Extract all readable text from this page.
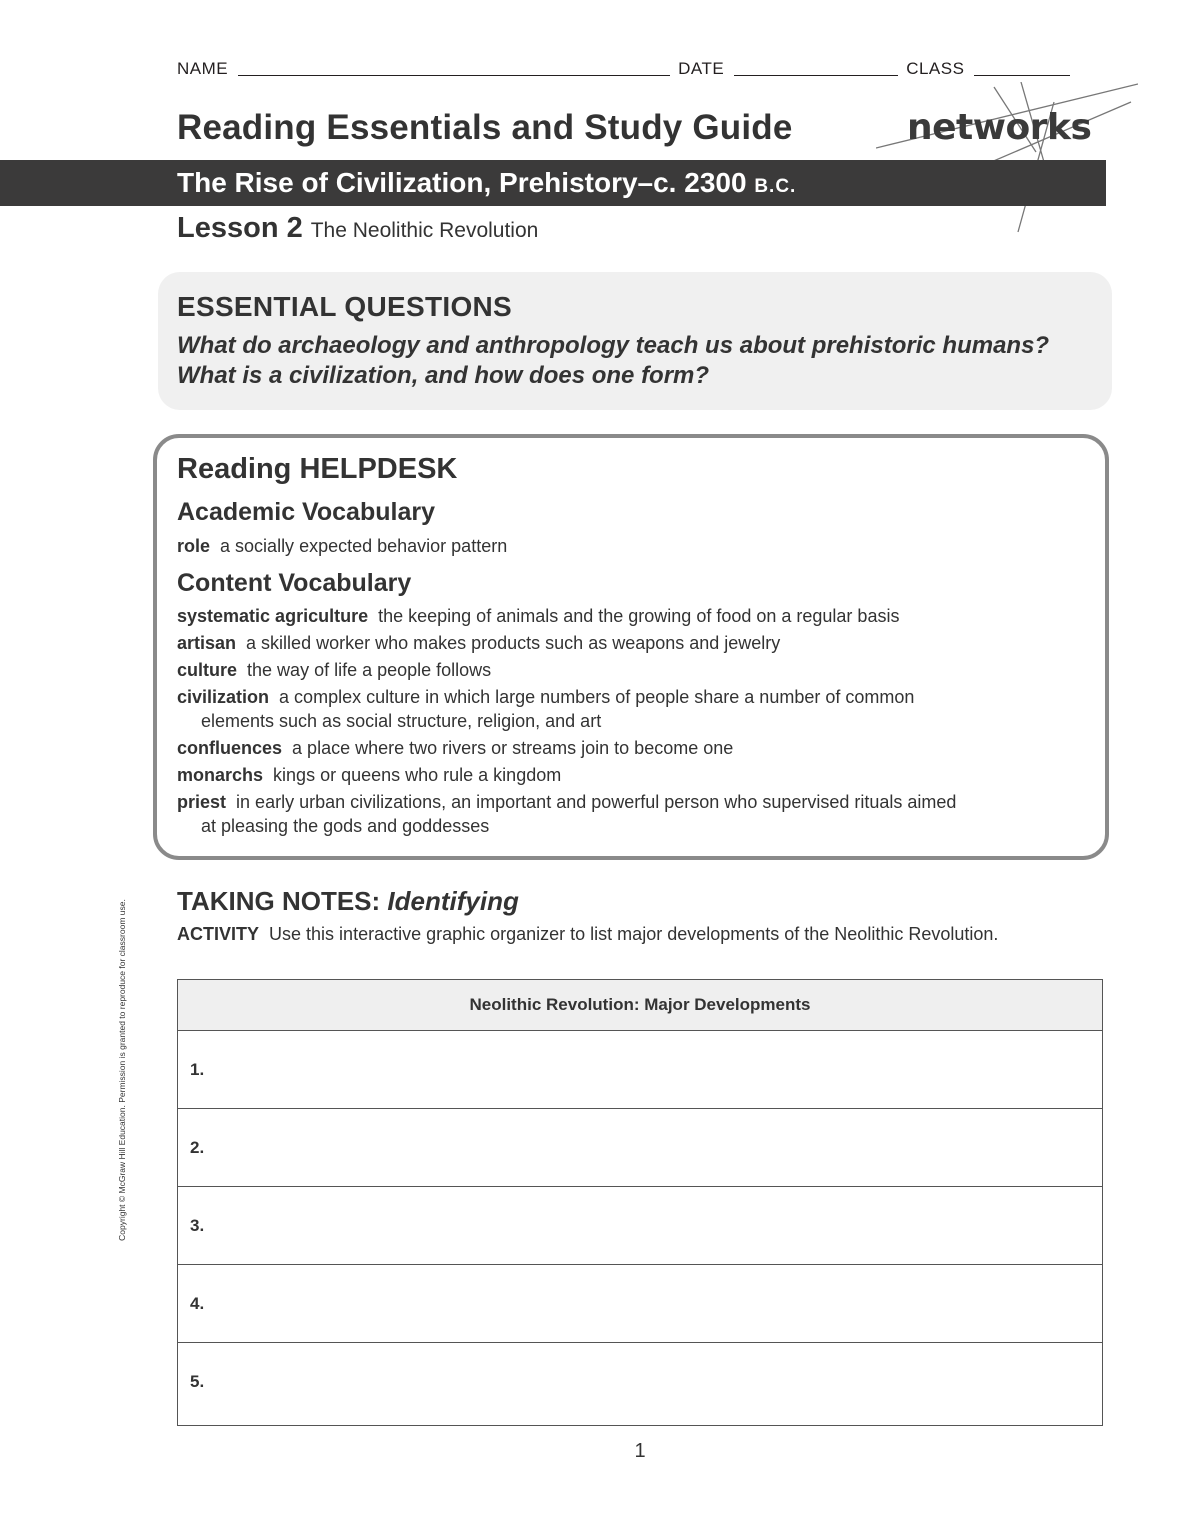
NAME	DATE	CLASS
Reading Essentials and Study Guide	networks
The Rise of Civilization, Prehistory–c. 2300 B.C.
Lesson 2 The Neolithic Revolution
ESSENTIAL QUESTIONS
What do archaeology and anthropology teach us about prehistoric humans? What is a civilization, and how does one form?
Reading HELPDESK
Academic Vocabulary
role a socially expected behavior pattern
Content Vocabulary
systematic agriculture the keeping of animals and the growing of food on a regular basis
artisan a skilled worker who makes products such as weapons and jewelry
culture the way of life a people follows
civilization a complex culture in which large numbers of people share a number of common
elements such as social structure, religion, and art
confluences a place where two rivers or streams join to become one
monarchs kings or queens who rule a kingdom
priest in early urban civilizations, an important and powerful person who supervised rituals aimed
at pleasing the gods and goddesses
TAKING NOTES: Identifying
ACTIVITY Use this interactive graphic organizer to list major developments of the Neolithic Revolution.
Neolithic Revolution: Major Developments
1.
2.
3.
4.
5.
Copyright © McGraw Hill Education. Permission is granted to reproduce for classroom use.
1
